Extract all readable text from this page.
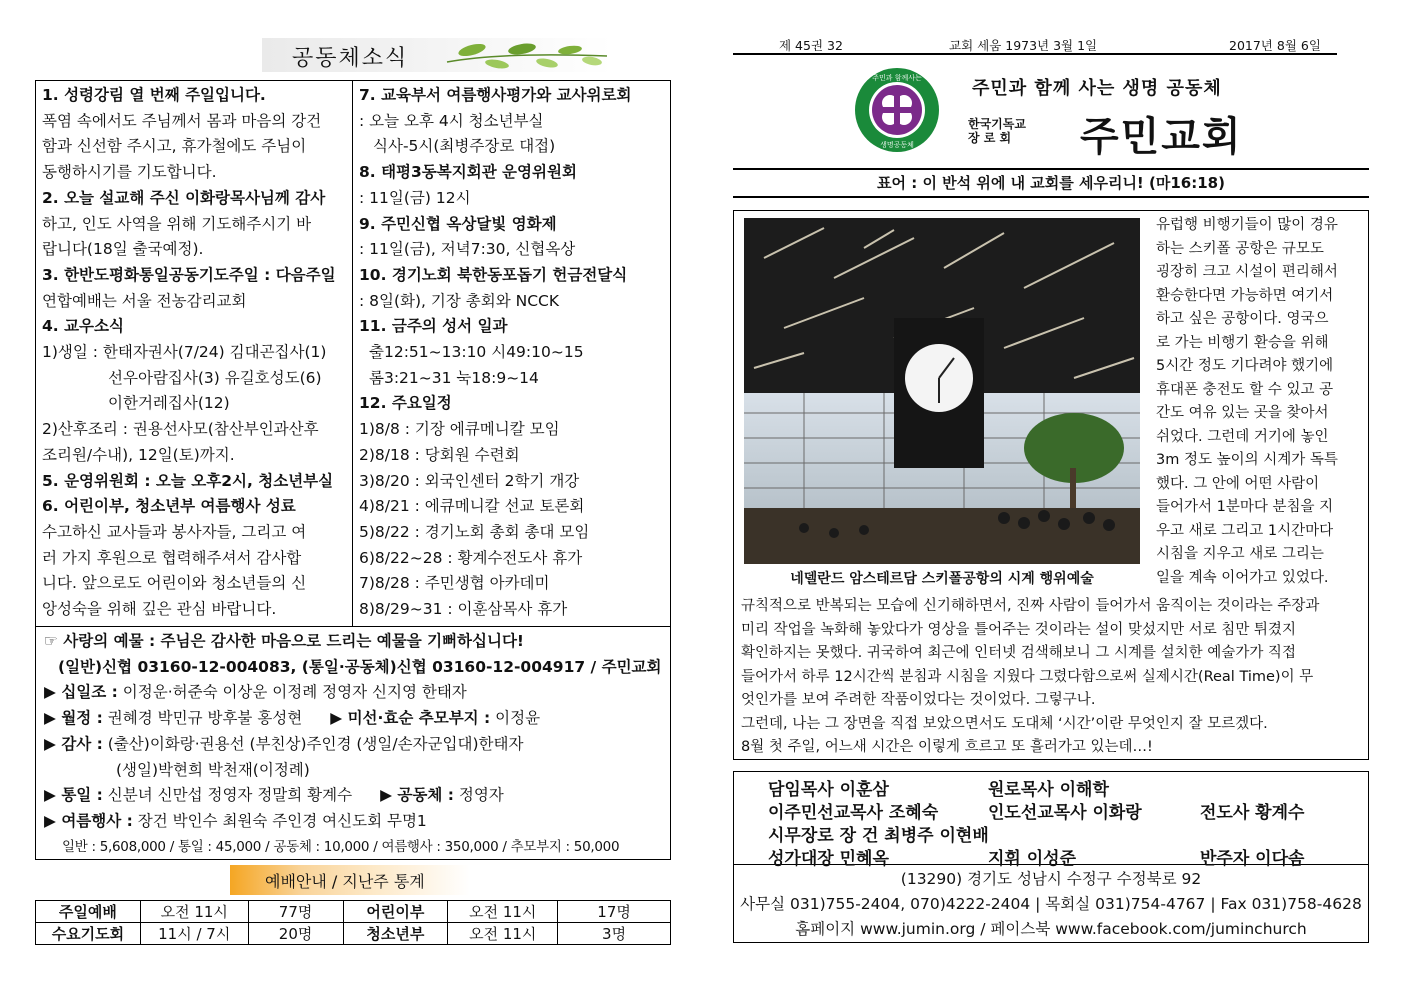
공동체소식
1. 성령강림 열 번째 주일입니다.
폭염 속에서도 주님께서 몸과 마음의 강건
함과 신선함 주시고, 휴가철에도 주님이
동행하시기를 기도합니다.
2. 오늘 설교해 주신 이화랑목사님께 감사
하고, 인도 사역을 위해 기도해주시기 바
랍니다(18일 출국예정).
3. 한반도평화통일공동기도주일 : 다음주일
연합예배는 서울 전농감리교회
4. 교우소식
1)생일 : 한태자권사(7/24) 김대곤집사(1)
선우아람집사(3) 유길호성도(6)
이한거레집사(12)
2)산후조리 : 권용선사모(참산부인과산후
조리원/수내), 12일(토)까지.
5. 운영위원회 : 오늘 오후2시, 청소년부실
6. 어린이부, 청소년부 여름행사 성료
수고하신 교사들과 봉사자들, 그리고 여
러 가지 후원으로 협력해주셔서 감사합
니다. 앞으로도 어린이와 청소년들의 신
앙성숙을 위해 깊은 관심 바랍니다.
7. 교육부서 여름행사평가와 교사위로회
: 오늘 오후 4시 청소년부실
식사-5시(최병주장로 대접)
8. 태평3동복지회관 운영위원회
: 11일(금) 12시
9. 주민신협 옥상달빛 영화제
: 11일(금), 저녁7:30, 신협옥상
10. 경기노회 북한동포돕기 헌금전달식
: 8일(화), 기장 총회와 NCCK
11. 금주의 성서 일과
출12:51~13:10 시49:10~15
롬3:21~31 눅18:9~14
12. 주요일정
1)8/8 : 기장 에큐메니칼 모임
2)8/18 : 당회원 수련회
3)8/20 : 외국인센터 2학기 개강
4)8/21 : 에큐메니칼 선교 토론회
5)8/22 : 경기노회 총회 총대 모임
6)8/22~28 : 황계수전도사 휴가
7)8/28 : 주민생협 아카데미
8)8/29~31 : 이훈삼목사 휴가
☞ 사랑의 예물 : 주님은 감사한 마음으로 드리는 예물을 기뻐하십니다!
(일반)신협 03160-12-004083, (통일·공동체)신협 03160-12-004917 / 주민교회
▶ 십일조 : 이정운·허준숙 이상운 이정례 정영자 신지영 한태자
▶ 월정 : 권혜경 박민규 방후불 홍성현 ▶ 미선·효순 추모부지 : 이정윤
▶ 감사 : (출산)이화랑·권용선 (부친상)주인경 (생일/손자군입대)한태자
(생일)박현희 박천재(이정례)
▶ 통일 : 신분녀 신만섭 정영자 정말희 황계수 ▶ 공동체 : 정영자
▶ 여름행사 : 장건 박인수 최원숙 주인경 여신도회 무명1
일반 : 5,608,000 / 통일 : 45,000 / 공동체 : 10,000 / 여름행사 : 350,000 / 추모부지 : 50,000
예배안내 / 지난주 통계
주일예배	오전 11시	77명	어린이부	오전 11시	17명
수요기도회	11시 / 7시	20명	청소년부	오전 11시	3명
제 45권 32	교회 세움 1973년 3월 1일	2017년 8월 6일
주민과 함께사는
생명공동체
주민과 함께 사는 생명 공동체
한국기독교
장 로 회	주민교회
표어 : 이 반석 위에 내 교회를 세우리니! (마16:18)
네델란드 암스테르담 스키폴공항의 시계 행위예술
유럽행 비행기들이 많이 경유
하는 스키폴 공항은 규모도
굉장히 크고 시설이 편리해서
환승한다면 가능하면 여기서
하고 싶은 공항이다. 영국으
로 가는 비행기 환승을 위해
5시간 정도 기다려야 했기에
휴대폰 충전도 할 수 있고 공
간도 여유 있는 곳을 찾아서
쉬었다. 그런데 거기에 놓인
3m 정도 높이의 시계가 독특
했다. 그 안에 어떤 사람이
들어가서 1분마다 분침을 지
우고 새로 그리고 1시간마다
시침을 지우고 새로 그리는
일을 계속 이어가고 있었다.
규칙적으로 반복되는 모습에 신기해하면서, 진짜 사람이 들어가서 움직이는 것이라는 주장과
미리 작업을 녹화해 놓았다가 영상을 틀어주는 것이라는 설이 맞섰지만 서로 침만 튀겼지
확인하지는 못했다. 귀국하여 최근에 인터넷 검색해보니 그 시계를 설치한 예술가가 직접
들어가서 하루 12시간씩 분침과 시침을 지웠다 그렸다함으로써 실제시간(Real Time)이 무
엇인가를 보여 주려한 작품이었다는 것이었다. 그렇구나.
그런데, 나는 그 장면을 직접 보았으면서도 도대체 ‘시간’이란 무엇인지 잘 모르겠다.
8월 첫 주일, 어느새 시간은 이렇게 흐르고 또 흘러가고 있는데…!
담임목사 이훈삼	원로목사 이해학
이주민선교목사 조혜숙	인도선교목사 이화랑	전도사 황계수
시무장로 장 건 최병주 이현배
성가대장 민혜옥	지휘 이성준	반주자 이다솜
(13290) 경기도 성남시 수정구 수정북로 92
사무실 031)755-2404, 070)4222-2404 | 목회실 031)754-4767 | Fax 031)758-4628
홈페이지 www.jumin.org / 페이스북 www.facebook.com/juminchurch
